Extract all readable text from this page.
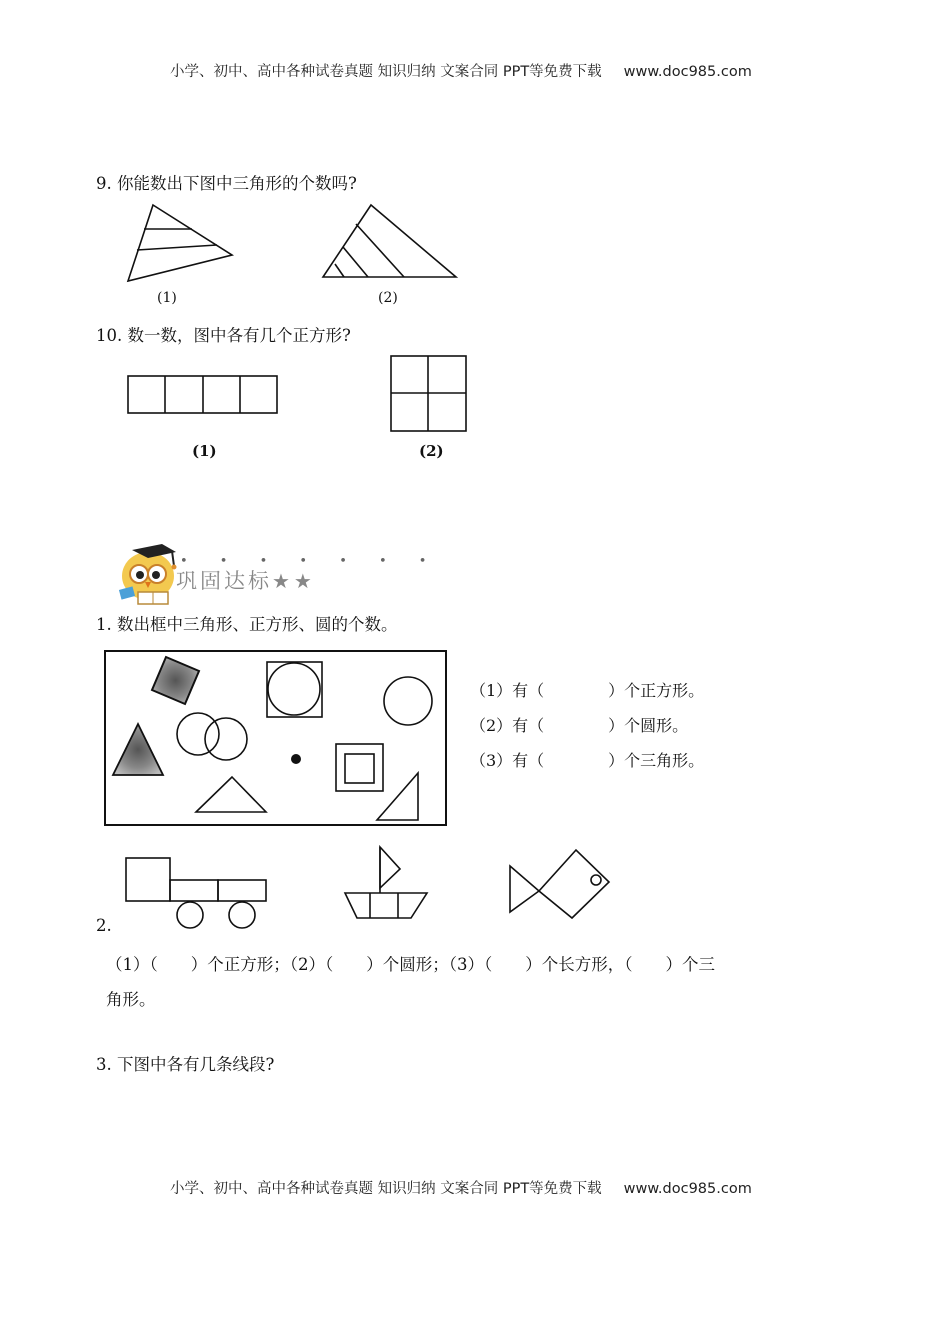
小学、初中、高中各种试卷真题 知识归纳 文案合同 PPT等免费下载 www.doc985.com
9. 你能数出下图中三角形的个数吗?
(1)	(2)
10. 数一数，图中各有几个正方形?
(1)	(2)
• • • • • • •
巩固达标★★
1. 数出框中三角形、正方形、圆的个数。
（1）有（　　　　）个正方形。
（2）有（　　　　）个圆形。
（3）有（　　　　）个三角形。
2.
（1）（　　）个正方形；（2）（　　）个圆形；（3）（　　）个长方形，（　　）个三
角形。
3. 下图中各有几条线段?
小学、初中、高中各种试卷真题 知识归纳 文案合同 PPT等免费下载 www.doc985.com
